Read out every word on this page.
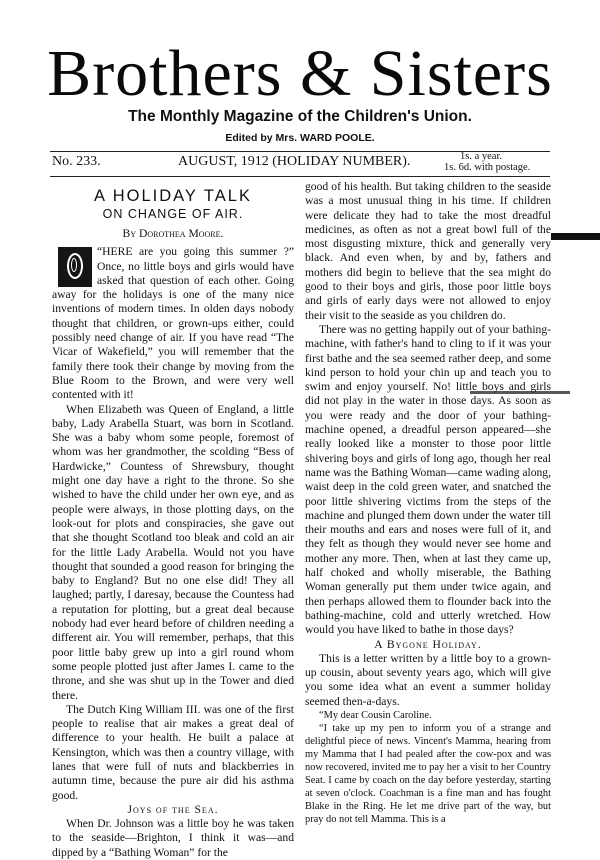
Brothers & Sisters
The Monthly Magazine of the Children's Union.
Edited by Mrs. WARD POOLE.
No. 233.	AUGUST, 1912 (HOLIDAY NUMBER).	1s. a year.
1s. 6d. with postage.
A HOLIDAY TALK
ON CHANGE OF AIR.
By Dorothea Moore.

“HERE are you going this summer ?” Once, no little boys and girls would have asked that question of each other. Going away for the holidays is one of the many nice inventions of modern times. In olden days nobody thought that children, or grown-ups either, could possibly need change of air. If you have read “The Vicar of Wakefield,” you will remember that the family there took their change by moving from the Blue Room to the Brown, and were very well contented with it!

When Elizabeth was Queen of England, a little baby, Lady Arabella Stuart, was born in Scotland. She was a baby whom some people, foremost of whom was her grandmother, the scolding “Bess of Hardwicke,” Countess of Shrewsbury, thought might one day have a right to the throne. So she wished to have the child under her own eye, and as people were always, in those plotting days, on the look-out for plots and conspiracies, she gave out that she thought Scotland too bleak and cold an air for the little Lady Arabella. Would not you have thought that sounded a good reason for bringing the baby to England? But no one else did! They all laughed; partly, I daresay, because the Countess had a reputation for plotting, but a great deal because nobody had ever heard before of children needing a different air. You will remember, perhaps, that this poor little baby grew up into a girl round whom some people plotted just after James I. came to the throne, and she was shut up in the Tower and died there.

The Dutch King William III. was one of the first people to realise that air makes a great deal of difference to your health. He built a palace at Kensington, which was then a country village, with lanes that were full of nuts and blackberries in autumn time, because the pure air did his asthma good.

Joys of the Sea.

When Dr. Johnson was a little boy he was taken to the seaside—Brighton, I think it was—and dipped by a “Bathing Woman” for the

good of his health. But taking children to the seaside was a most unusual thing in his time. If children were delicate they had to take the most dreadful medicines, as often as not a great bowl full of the most disgusting mixture, thick and generally very black. And even when, by and by, fathers and mothers did begin to believe that the sea might do good to their boys and girls, those poor little boys and girls of early days were not allowed to enjoy their visit to the seaside as you children do.

There was no getting happily out of your bathing-machine, with father's hand to cling to if it was your first bathe and the sea seemed rather deep, and some kind person to hold your chin up and teach you to swim and enjoy yourself. No! little boys and girls did not play in the water in those days. As soon as you were ready and the door of your bathing-machine opened, a dreadful person appeared—she really looked like a monster to those poor little shivering boys and girls of long ago, though her real name was the Bathing Woman—came wading along, waist deep in the cold green water, and snatched the poor little shivering victims from the steps of the machine and plunged them down under the water till their mouths and ears and noses were full of it, and they felt as though they would never see home and mother any more. Then, when at last they came up, half choked and wholly miserable, the Bathing Woman generally put them under twice again, and then perhaps allowed them to flounder back into the bathing-machine, cold and utterly wretched. How would you have liked to bathe in those days?

A Bygone Holiday.

This is a letter written by a little boy to a grown-up cousin, about seventy years ago, which will give you some idea what an event a summer holiday seemed then-a-days.

“My dear Cousin Caroline.

“I take up my pen to inform you of a strange and delightful piece of news. Vincent's Mamma, hearing from my Mamma that I had pealed after the cow-pox and was now recovered, invited me to pay her a visit to her Country Seat. I came by coach on the day before yesterday, starting at seven o'clock. Coachman is a fine man and has fought Blake in the Ring. He let me drive part of the way, but pray do not tell Mamma. This is a
